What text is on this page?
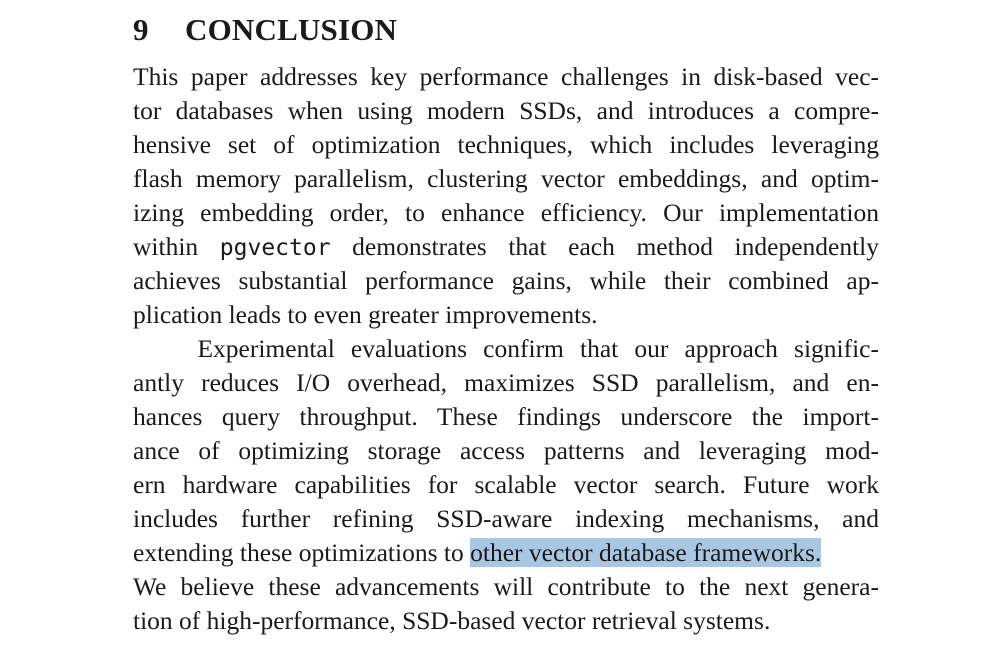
9 CONCLUSION

This paper addresses key performance challenges in disk-based vec-

tor databases when using modern SSDs, and introduces a compre-

hensive set of optimization techniques, which includes leveraging

flash memory parallelism, clustering vector embeddings, and optim-

izing embedding order, to enhance efficiency. Our implementation

within pgvector demonstrates that each method independently

achieves substantial performance gains, while their combined ap-

plication leads to even greater improvements.

Experimental evaluations confirm that our approach signific-

antly reduces I/O overhead, maximizes SSD parallelism, and en-

hances query throughput. These findings underscore the import-

ance of optimizing storage access patterns and leveraging mod-

ern hardware capabilities for scalable vector search. Future work

includes further refining SSD-aware indexing mechanisms, and

extending these optimizations to other vector database frameworks.

We believe these advancements will contribute to the next genera-

tion of high-performance, SSD-based vector retrieval systems.
